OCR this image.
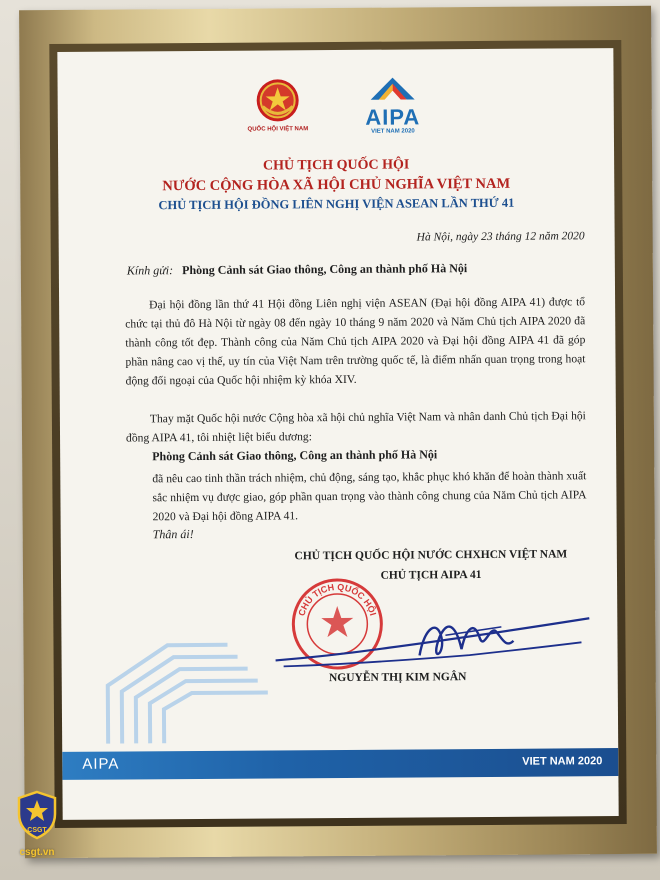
QUỐC HỘI VIỆT NAM	AIPA
VIET NAM 2020
CHỦ TỊCH QUỐC HỘI
NƯỚC CỘNG HÒA XÃ HỘI CHỦ NGHĨA VIỆT NAM
CHỦ TỊCH HỘI ĐỒNG LIÊN NGHỊ VIỆN ASEAN LẦN THỨ 41
Hà Nội, ngày 23 tháng 12 năm 2020
Kính gửi: Phòng Cảnh sát Giao thông, Công an thành phố Hà Nội
Đại hội đồng lần thứ 41 Hội đồng Liên nghị viện ASEAN (Đại hội đồng AIPA 41) được tổ chức tại thủ đô Hà Nội từ ngày 08 đến ngày 10 tháng 9 năm 2020 và Năm Chủ tịch AIPA 2020 đã thành công tốt đẹp. Thành công của Năm Chủ tịch AIPA 2020 và Đại hội đồng AIPA 41 đã góp phần nâng cao vị thế, uy tín của Việt Nam trên trường quốc tế, là điểm nhấn quan trọng trong hoạt động đối ngoại của Quốc hội nhiệm kỳ khóa XIV.
Thay mặt Quốc hội nước Cộng hòa xã hội chủ nghĩa Việt Nam và nhân danh Chủ tịch Đại hội đồng AIPA 41, tôi nhiệt liệt biểu dương:
Phòng Cảnh sát Giao thông, Công an thành phố Hà Nội
đã nêu cao tinh thần trách nhiệm, chủ động, sáng tạo, khắc phục khó khăn để hoàn thành xuất sắc nhiệm vụ được giao, góp phần quan trọng vào thành công chung của Năm Chủ tịch AIPA 2020 và Đại hội đồng AIPA 41.
Thân ái!
CHỦ TỊCH QUỐC HỘI NƯỚC CHXHCN VIỆT NAM
CHỦ TỊCH AIPA 41
CHỦ TỊCH QUỐC HỘI
NGUYỄN THỊ KIM NGÂN
AIPA	VIET NAM 2020
CSGT
csgt.vn
